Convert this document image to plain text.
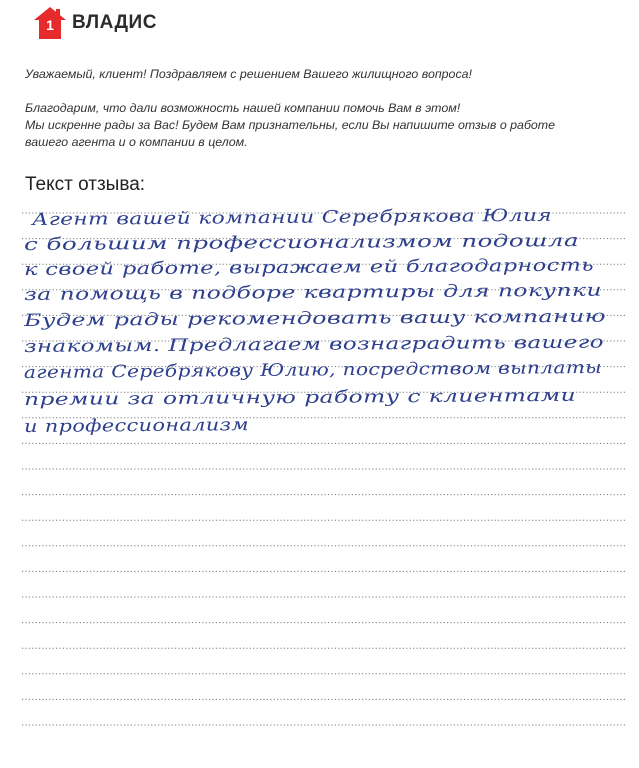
1 ВЛАДИС

Уважаемый, клиент! Поздравляем с решением Вашего жилищного вопроса!

Благодарим, что дали возможность нашей компании помочь Вам в этом!

Мы искренне рады за Вас! Будем Вам признательны, если Вы напишите отзыв о работе

вашего агента и о компании в целом.

Текст отзыва:
Агент вашей компании Серебрякова Юлия
с большим профессионализмом подошла
к своей работе, выражаем ей благодарность
за помощь в подборе квартиры для покупки
Будем рады рекомендовать вашу компанию
знакомым. Предлагаем вознаградить вашего
агента Серебрякову Юлию, посредством выплаты
премии за отличную работу с клиентами
и профессионализм
